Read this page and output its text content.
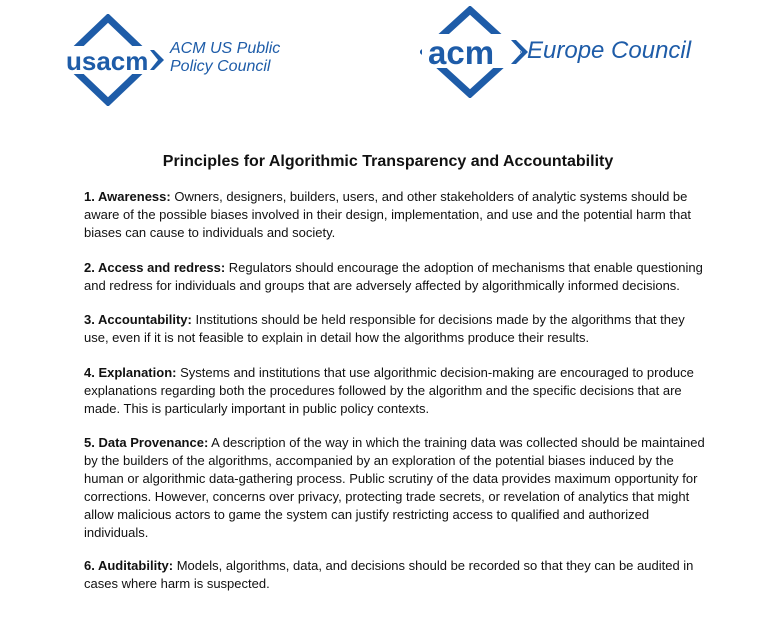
usacm ACM US Public Policy Council	acm Europe Council
Principles for Algorithmic Transparency and Accountability
1. Awareness: Owners, designers, builders, users, and other stakeholders of analytic systems should be aware of the possible biases involved in their design, implementation, and use and the potential harm that biases can cause to individuals and society.
2. Access and redress: Regulators should encourage the adoption of mechanisms that enable questioning and redress for individuals and groups that are adversely affected by algorithmically informed decisions.
3. Accountability: Institutions should be held responsible for decisions made by the algorithms that they use, even if it is not feasible to explain in detail how the algorithms produce their results.
4. Explanation: Systems and institutions that use algorithmic decision-making are encouraged to produce explanations regarding both the procedures followed by the algorithm and the specific decisions that are made. This is particularly important in public policy contexts.
5. Data Provenance: A description of the way in which the training data was collected should be maintained by the builders of the algorithms, accompanied by an exploration of the potential biases induced by the human or algorithmic data-gathering process. Public scrutiny of the data provides maximum opportunity for corrections. However, concerns over privacy, protecting trade secrets, or revelation of analytics that might allow malicious actors to game the system can justify restricting access to qualified and authorized individuals.
6. Auditability: Models, algorithms, data, and decisions should be recorded so that they can be audited in cases where harm is suspected.
